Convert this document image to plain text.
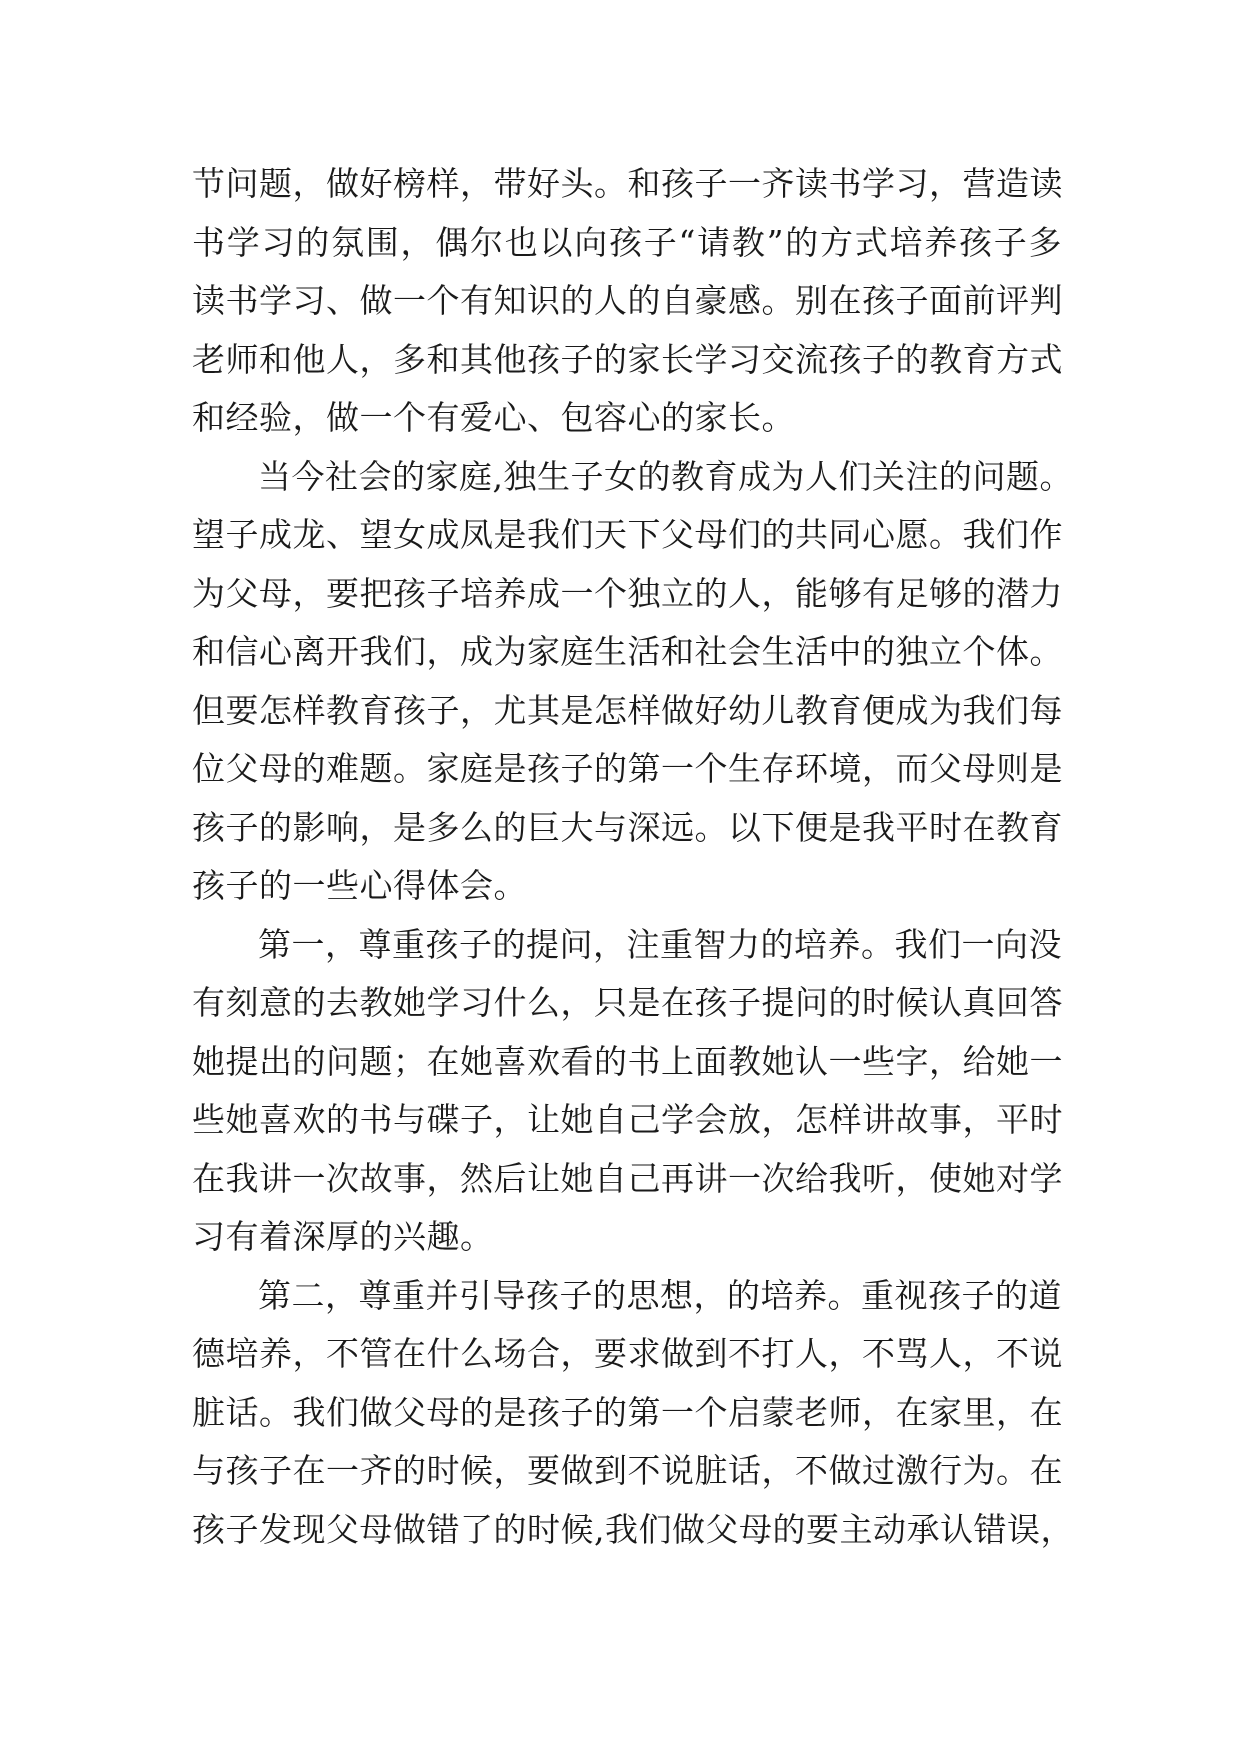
节问题，做好榜样，带好头。和孩子一齐读书学习，营造读
书学习的氛围，偶尔也以向孩子“请教”的方式培养孩子多
读书学习、做一个有知识的人的自豪感。别在孩子面前评判
老师和他人，多和其他孩子的家长学习交流孩子的教育方式
和经验，做一个有爱心、包容心的家长。
当今社会的家庭,独生子女的教育成为人们关注的问题。
望子成龙、望女成凤是我们天下父母们的共同心愿。我们作
为父母，要把孩子培养成一个独立的人，能够有足够的潜力
和信心离开我们，成为家庭生活和社会生活中的独立个体。
但要怎样教育孩子，尤其是怎样做好幼儿教育便成为我们每
位父母的难题。家庭是孩子的第一个生存环境，而父母则是
孩子的影响，是多么的巨大与深远。以下便是我平时在教育
孩子的一些心得体会。
第一，尊重孩子的提问，注重智力的培养。我们一向没
有刻意的去教她学习什么，只是在孩子提问的时候认真回答
她提出的问题；在她喜欢看的书上面教她认一些字，给她一
些她喜欢的书与碟子，让她自己学会放，怎样讲故事，平时
在我讲一次故事，然后让她自己再讲一次给我听，使她对学
习有着深厚的兴趣。
第二，尊重并引导孩子的思想，的培养。重视孩子的道
德培养，不管在什么场合，要求做到不打人，不骂人，不说
脏话。我们做父母的是孩子的第一个启蒙老师，在家里，在
与孩子在一齐的时候，要做到不说脏话，不做过激行为。在
孩子发现父母做错了的时候,我们做父母的要主动承认错误，
